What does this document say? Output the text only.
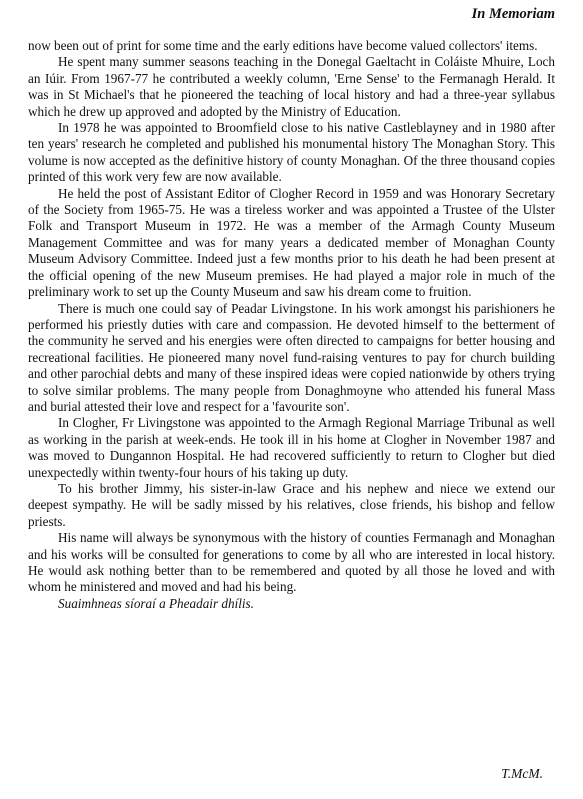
In Memoriam

now been out of print for some time and the early editions have become valued collectors' items.

He spent many summer seasons teaching in the Donegal Gaeltacht in Coláiste Mhuire, Loch an Iúir. From 1967-77 he contributed a weekly column, 'Erne Sense' to the Fermanagh Herald. It was in St Michael's that he pioneered the teaching of local history and had a three-year syllabus which he drew up approved and adopted by the Ministry of Education.

In 1978 he was appointed to Broomfield close to his native Castleblayney and in 1980 after ten years' research he completed and published his monumental history The Monaghan Story. This volume is now accepted as the definitive history of county Monaghan. Of the three thousand copies printed of this work very few are now available.

He held the post of Assistant Editor of Clogher Record in 1959 and was Honorary Secretary of the Society from 1965-75. He was a tireless worker and was appointed a Trustee of the Ulster Folk and Transport Museum in 1972. He was a member of the Armagh County Museum Management Committee and was for many years a dedicated member of Monaghan County Museum Advisory Committee. Indeed just a few months prior to his death he had been present at the official opening of the new Museum premises. He had played a major role in much of the preliminary work to set up the County Museum and saw his dream come to fruition.

There is much one could say of Peadar Livingstone. In his work amongst his parishioners he performed his priestly duties with care and compassion. He devoted himself to the betterment of the community he served and his energies were often directed to campaigns for better housing and recreational facilities. He pioneered many novel fund-raising ventures to pay for church building and other parochial debts and many of these inspired ideas were copied nationwide by others trying to solve similar problems. The many people from Donaghmoyne who attended his funeral Mass and burial attested their love and respect for a 'favourite son'.

In Clogher, Fr Livingstone was appointed to the Armagh Regional Marriage Tribunal as well as working in the parish at week-ends. He took ill in his home at Clogher in November 1987 and was moved to Dungannon Hospital. He had recovered sufficiently to return to Clogher but died unexpectedly within twenty-four hours of his taking up duty.

To his brother Jimmy, his sister-in-law Grace and his nephew and niece we extend our deepest sympathy. He will be sadly missed by his relatives, close friends, his bishop and fellow priests.

His name will always be synonymous with the history of counties Fermanagh and Monaghan and his works will be consulted for generations to come by all who are interested in local history. He would ask nothing better than to be remembered and quoted by all those he loved and with whom he ministered and moved and had his being.

Suaimhneas síoraí a Pheadair dhílis.

T.McM.
